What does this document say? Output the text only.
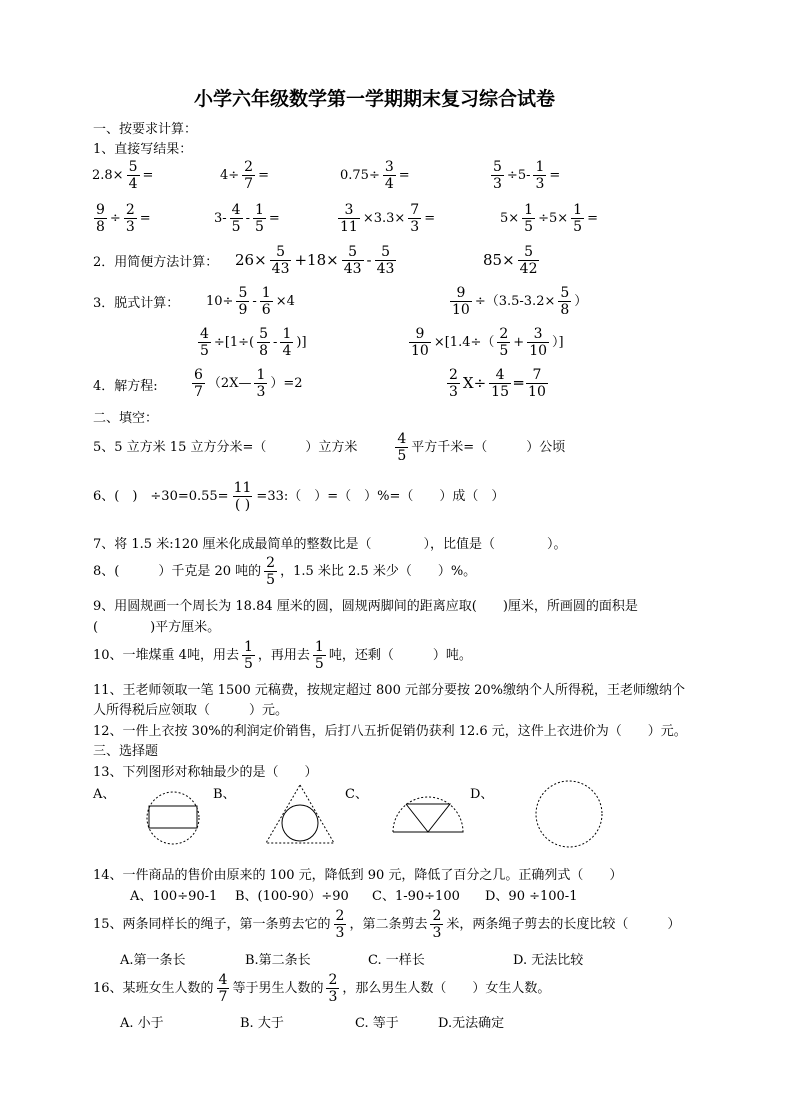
小学六年级数学第一学期期末复习综合试卷
一、按要求计算：
1、直接写结果：
$2.8\times \frac{5}{4}$ =	$4\div \frac{2}{7}$ =	$0.75\div \frac{3}{4}$ =	$\frac{5}{3} \div 5- \frac{1}{3}$ =
$\frac{9}{8} \div \frac{2}{3}$ =	$3- \frac{4}{5} - \frac{1}{5}$ =	$\frac{3}{11} \times 3.3\times \frac{7}{3}$ =	$5\times \frac{1}{5} \div 5\times \frac{1}{5}$ =
2．用简便方法计算： $26\times \frac{5}{43} +18\times \frac{5}{43} - \frac{5}{43}$	$85\times \frac{5}{42}$
3．脱式计算： $10\div \frac{5}{9} - \frac{1}{6} \times 4$	$\frac{9}{10} \div(3.5-3.2\times \frac{5}{8}$ ）
$\frac{4}{5} \div[1\div( \frac{5}{8} - \frac{1}{4}$ )]	$\frac{9}{10} \times[1.4\div( \frac{2}{5} + \frac{3}{10}$ ）]
4．解方程: $\frac{6}{7}$ （2X— $\frac{1}{3} )=2$	$\frac{2}{3} X\div \frac{4}{15}$ ═ $\frac{7}{10}$
二、填空：
5、5 立方米 15 立方分米=（　　　）立方米	$\frac{4}{5}$ 平方千米=（　　　）公顷
6、(　)　$\div 30=0.55= \frac{11}{( )}$ =33:（　）=（　）%=（　　）成（　）
7、将 1.5 米:120 厘米化成最简单的整数比是（　　　　），比值是（　　　　）。
8、(　　　）千克是 20 吨的 $\frac{2}{5}$ ，1.5 米比 2.5 米少（　　）%。
9、用圆规画一个周长为 18.84 厘米的圆，圆规两脚间的距离应取(　　)厘米，所画圆的面积是
(　　　　)平方厘米。
10、一堆煤重 4吨，用去 $\frac{1}{5}$ ，再用去 $\frac{1}{5}$ 吨，还剩（　　　）吨。
11、王老师领取一笔 1500 元稿费，按规定超过 800 元部分要按 20%缴纳个人所得税，王老师缴纳个
人所得税后应领取（　　　）元。
12、一件上衣按 30%的利润定价销售，后打八五折促销仍获利 12.6 元，这件上衣进价为（　　）元。
三、选择题
13、下列图形对称轴最少的是（　　）
A、	B、	C、	D、
14、一件商品的售价由原来的 100 元，降低到 90 元，降低了百分之几。正确列式（　　）
A、100÷90-1 B、(100-90）÷90 C、1-90÷100 D、90 ÷100-1
15、两条同样长的绳子，第一条剪去它的 $\frac{2}{3}$ ，第二条剪去 $\frac{2}{3}$ 米，两条绳子剪去的长度比较（　　　）
A.第一条长	B.第二条长	C. 一样长	D. 无法比较
16、某班女生人数的 $\frac{4}{7}$ 等于男生人数的 $\frac{2}{3}$ ，那么男生人数（　　）女生人数。
A. 小于	B. 大于	C. 等于	D.无法确定
